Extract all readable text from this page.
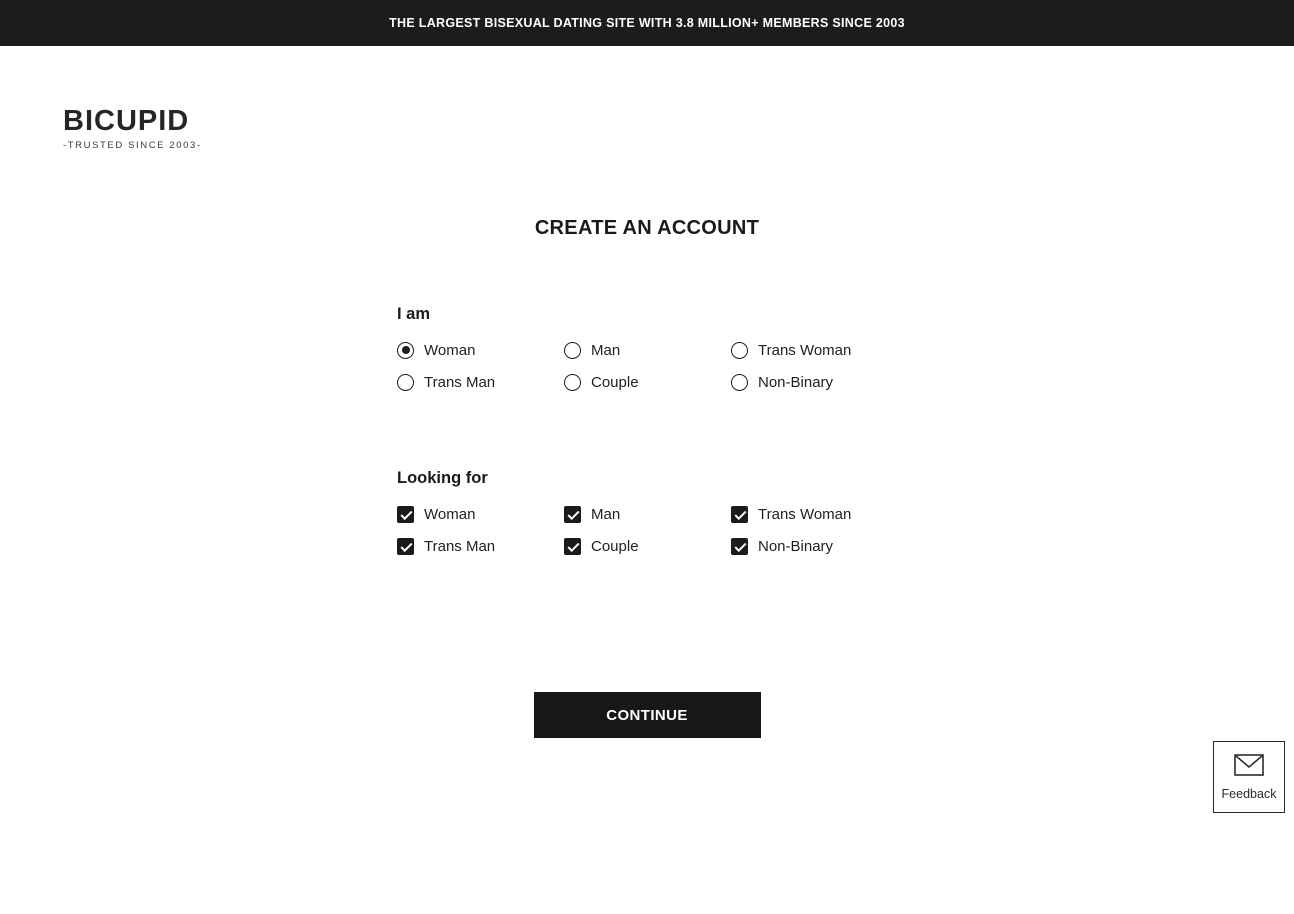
THE LARGEST BISEXUAL DATING SITE WITH 3.8 MILLION+ MEMBERS SINCE 2003
BICUPID
-TRUSTED SINCE 2003-
CREATE AN ACCOUNT
I am
Woman	Man	Trans Woman
Trans Man	Couple	Non-Binary
Looking for
Woman	Man	Trans Woman
Trans Man	Couple	Non-Binary
CONTINUE
Feedback
